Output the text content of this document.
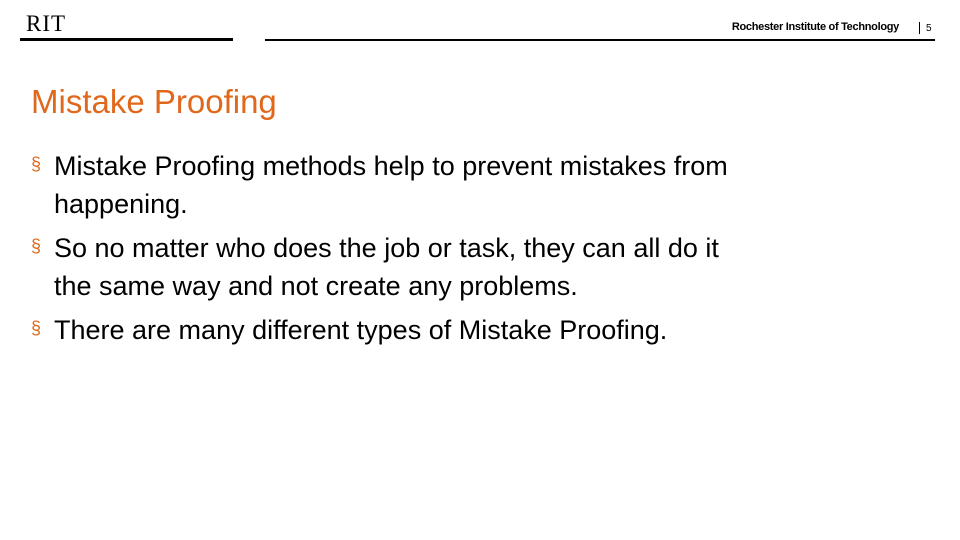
RIT	Rochester Institute of Technology	5
Mistake Proofing
§ Mistake Proofing methods help to prevent mistakes from
happening.
§ So no matter who does the job or task, they can all do it
the same way and not create any problems.
§ There are many different types of Mistake Proofing.
